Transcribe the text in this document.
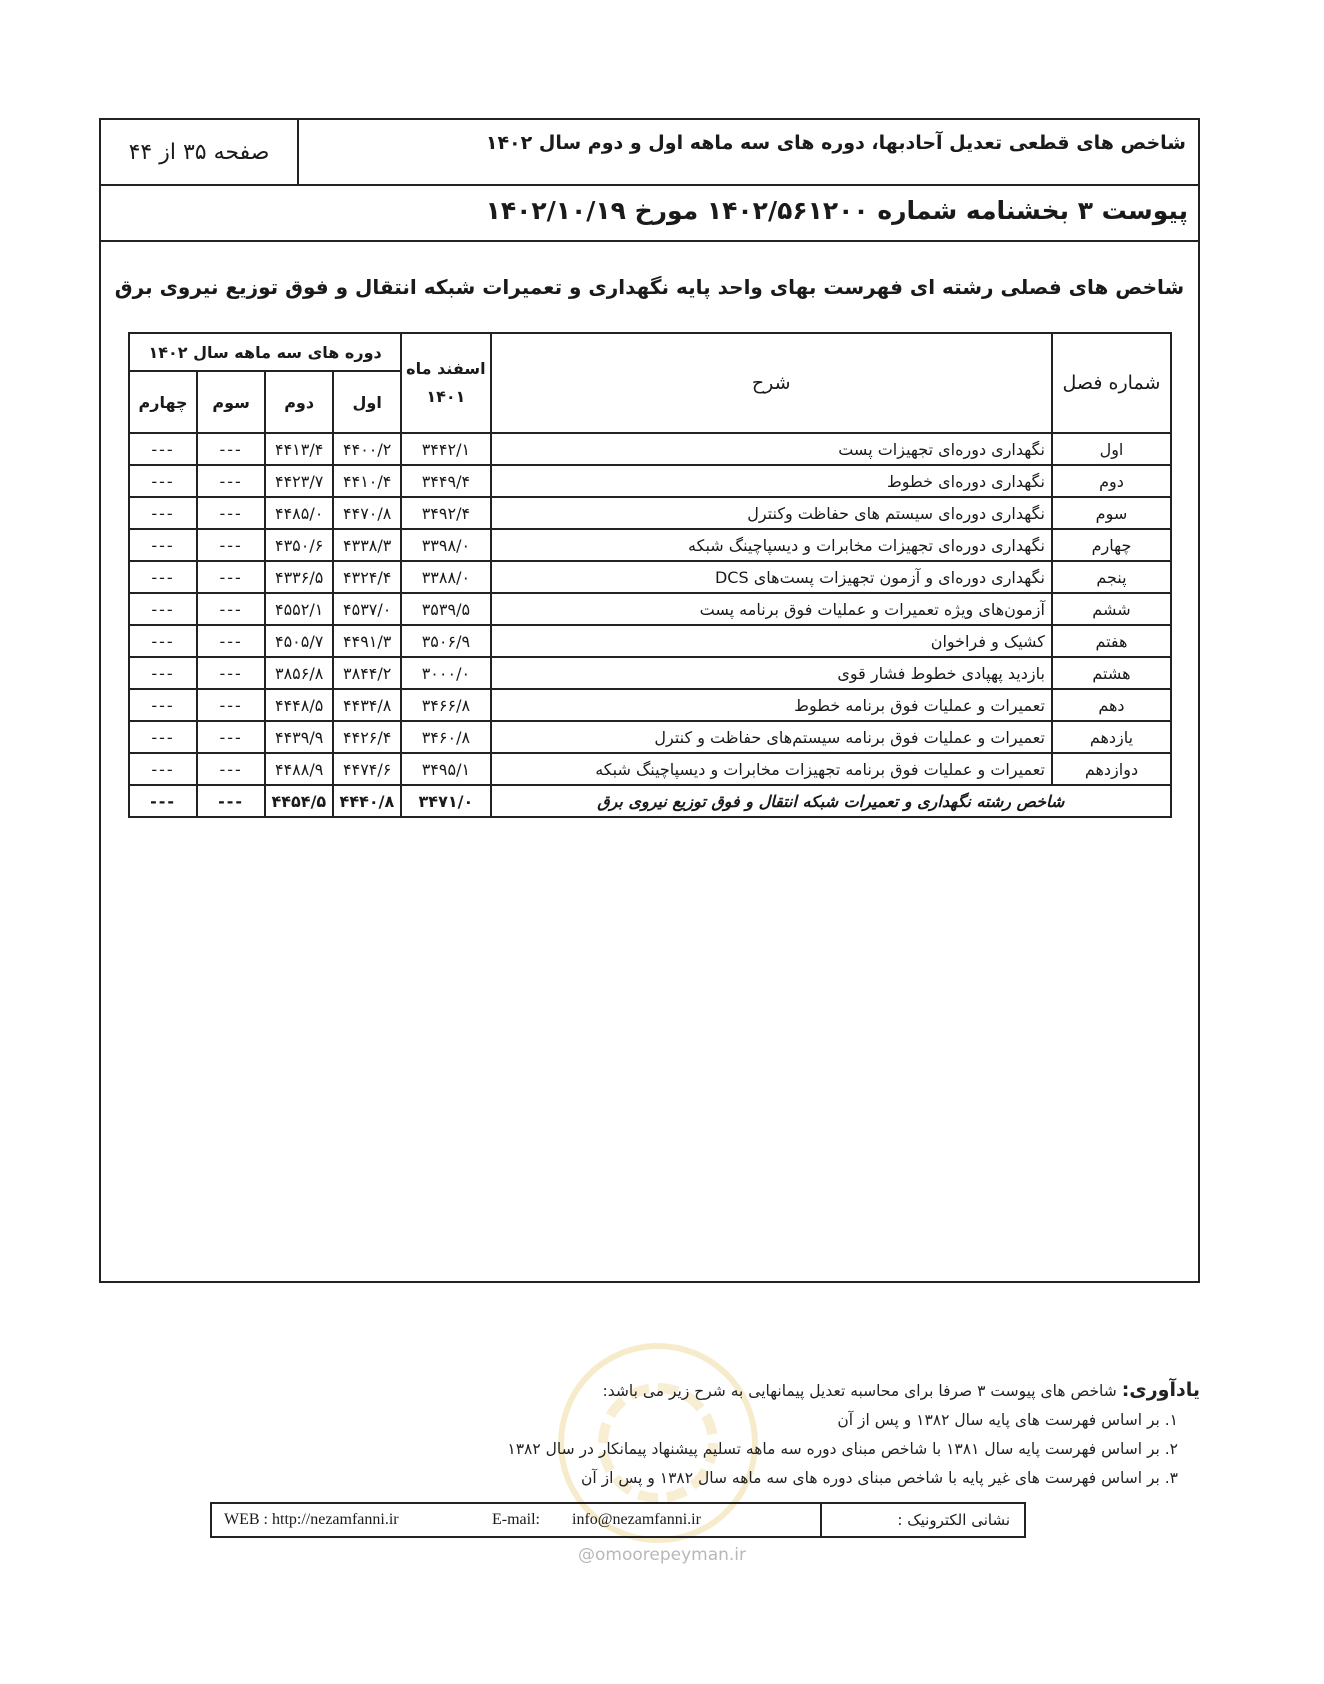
شاخص های قطعی تعدیل آحادبها، دوره های سه ماهه اول و دوم سال ۱۴۰۲
صفحه ۳۵ از ۴۴
پیوست ۳ بخشنامه شماره ۱۴۰۲/۵۶۱۲۰۰ مورخ ۱۴۰۲/۱۰/۱۹
شاخص های فصلی رشته ای فهرست بهای واحد پایه نگهداری و تعمیرات شبکه انتقال و فوق توزیع نیروی برق
شماره فصل	شرح	اسفند ماه ۱۴۰۱	دوره های سه ماهه سال ۱۴۰۲			
			اول	دوم	سوم	چهارم
اول	نگهداری دوره‌ای تجهیزات پست	۳۴۴۲/۱	۴۴۰۰/۲	۴۴۱۳/۴	---	---
دوم	نگهداری دوره‌ای خطوط	۳۴۴۹/۴	۴۴۱۰/۴	۴۴۲۳/۷	---	---
سوم	نگهداری دوره‌ای سیستم های حفاظت وکنترل	۳۴۹۲/۴	۴۴۷۰/۸	۴۴۸۵/۰	---	---
چهارم	نگهداری دوره‌ای تجهیزات مخابرات و دیسپاچینگ شبکه	۳۳۹۸/۰	۴۳۳۸/۳	۴۳۵۰/۶	---	---
پنجم	نگهداری دوره‌ای و آزمون تجهیزات پست‌های DCS	۳۳۸۸/۰	۴۳۲۴/۴	۴۳۳۶/۵	---	---
ششم	آزمون‌های ویژه تعمیرات و عملیات فوق برنامه پست	۳۵۳۹/۵	۴۵۳۷/۰	۴۵۵۲/۱	---	---
هفتم	کشیک و فراخوان	۳۵۰۶/۹	۴۴۹۱/۳	۴۵۰۵/۷	---	---
هشتم	بازدید پهپادی خطوط فشار قوی	۳۰۰۰/۰	۳۸۴۴/۲	۳۸۵۶/۸	---	---
دهم	تعمیرات و عملیات فوق برنامه خطوط	۳۴۶۶/۸	۴۴۳۴/۸	۴۴۴۸/۵	---	---
یازدهم	تعمیرات و عملیات فوق برنامه سیستم‌های حفاظت و کنترل	۳۴۶۰/۸	۴۴۲۶/۴	۴۴۳۹/۹	---	---
دوازدهم	تعمیرات و عملیات فوق برنامه تجهیزات مخابرات و دیسپاچینگ شبکه	۳۴۹۵/۱	۴۴۷۴/۶	۴۴۸۸/۹	---	---
شاخص رشته نگهداری و تعمیرات شبکه انتقال و فوق توزیع نیروی برق		۳۴۷۱/۰	۴۴۴۰/۸	۴۴۵۴/۵	---	---
یادآوری: شاخص های پیوست ۳ صرفا برای محاسبه تعدیل پیمانهایی به شرح زیر می باشد:
۱. بر اساس فهرست های پایه سال ۱۳۸۲ و پس از آن
۲. بر اساس فهرست پایه سال ۱۳۸۱ با شاخص مبنای دوره سه ماهه تسلیم پیشنهاد پیمانکار در سال ۱۳۸۲
۳. بر اساس فهرست های غیر پایه با شاخص مبنای دوره های سه ماهه سال ۱۳۸۲ و پس از آن
نشانی الکترونیک :
WEB : http://nezamfanni.ir	E-mail: info@nezamfanni.ir
@omoorepeyman.ir
